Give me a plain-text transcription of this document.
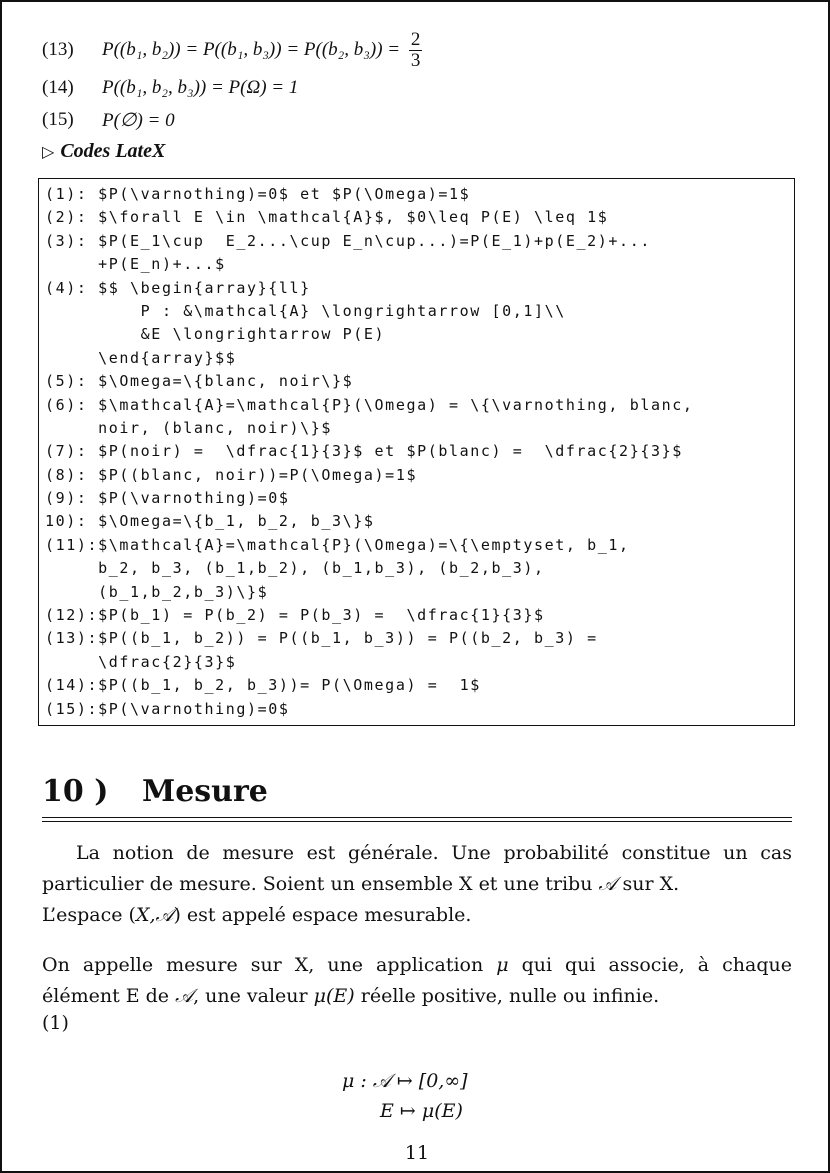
(13)	P((b₁, b₂)) = P((b₁, b₃)) = P((b₂, $b_3)) = \frac{2}{3}$
(14)	P((b₁, b₂, b₃)) = P(Ω) = 1
(15)	P(∅) = 0
▷ Codes LateX
(1): $P(\varnothing)=0$ et $P(\Omega)=1$
(2): $\forall E \in \mathcal{A}$, $0\leq P(E) \leq 1$
(3): $P(E_1\cup  E_2...\cup E_n\cup...)=P(E_1)+p(E_2)+...
+P(E_n)+...$
(4): $$ \begin{array}{ll}
P : &\mathcal{A} \longrightarrow [0,1]\\
&E \longrightarrow P(E)
\end{array}$$
(5): $\Omega=\{blanc, noir\}$
(6): $\mathcal{A}=\mathcal{P}(\Omega) = \{\varnothing, blanc,
noir, (blanc, noir)\}$
(7): $P(noir) =  \dfrac{1}{3}$ et $P(blanc) =  \dfrac{2}{3}$
(8): $P((blanc, noir))=P(\Omega)=1$
(9): $P(\varnothing)=0$
10): $\Omega=\{b_1, b_2, b_3\}$
(11):$\mathcal{A}=\mathcal{P}(\Omega)=\{\emptyset, b_1,
b_2, b_3, (b_1,b_2), (b_1,b_3), (b_2,b_3),
(b_1,b_2,b_3)\}$
(12):$P(b_1) = P(b_2) = P(b_3) =  \dfrac{1}{3}$
(13):$P((b_1, b_2)) = P((b_1, b_3)) = P((b_2, b_3) =
\dfrac{2}{3}$
(14):$P((b_1, b_2, b_3))= P(\Omega) =  1$
(15):$P(\varnothing)=0$
10 ) Mesure
La notion de mesure est générale. Une probabilité constitue un cas
particulier de mesure. Soient un ensemble X et une tribu 𝒜 sur X.
L’espace (X,𝒜) est appelé espace mesurable.
On appelle mesure sur X, une application μ qui qui associe, à chaque
élément E de 𝒜, une valeur μ(E) réelle positive, nulle ou infinie.
(1)
μ : 𝒜 ↦ [0,∞]
E ↦ μ(E)
11
